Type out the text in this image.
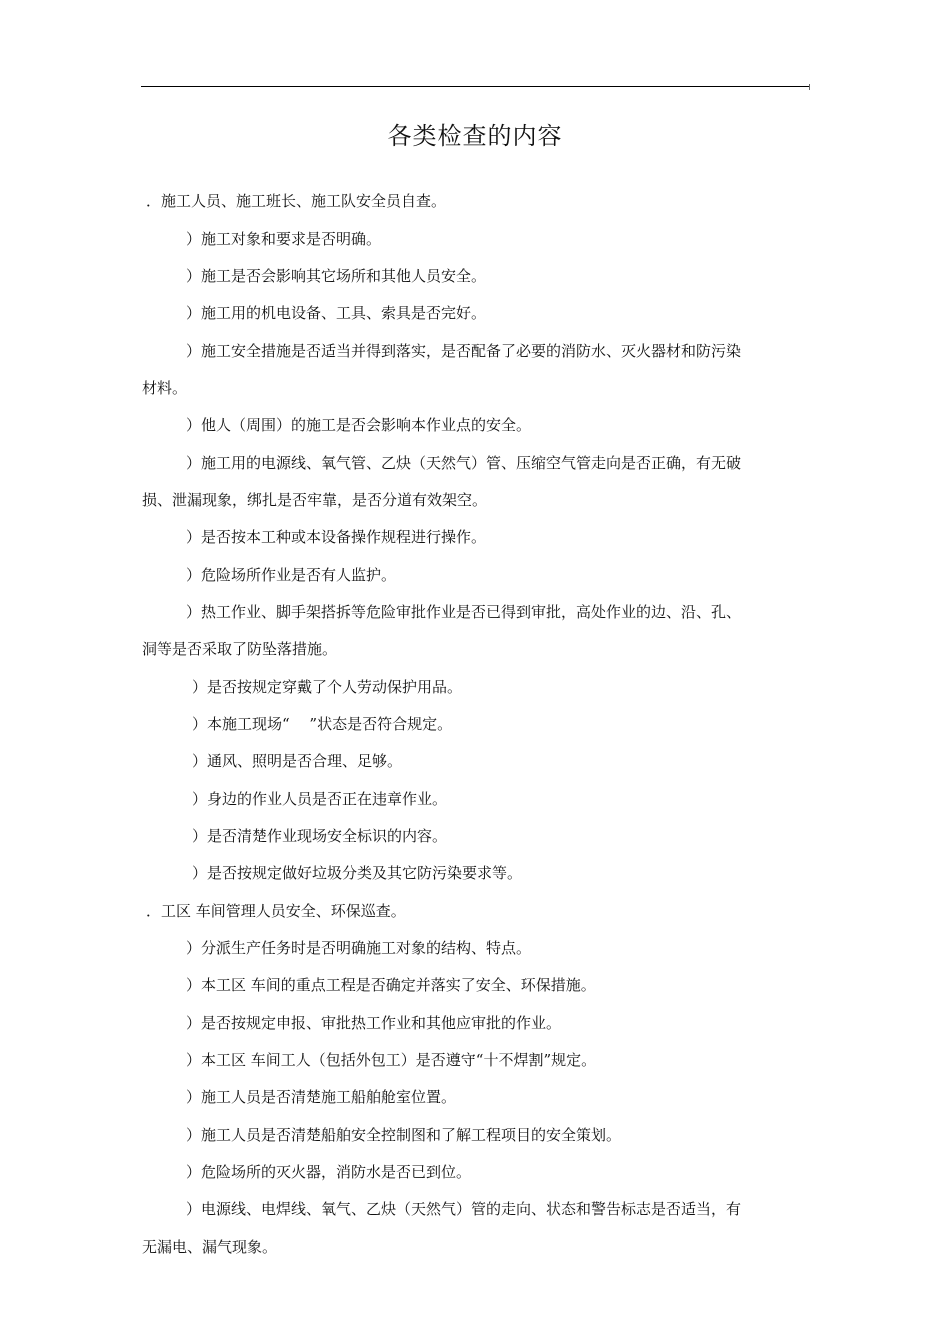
各类检查的内容
．施工人员、施工班长、施工队安全员自查。
）施工对象和要求是否明确。
）施工是否会影响其它场所和其他人员安全。
）施工用的机电设备、工具、索具是否完好。
）施工安全措施是否适当并得到落实，是否配备了必要的消防水、灭火器材和防污染
材料。
）他人（周围）的施工是否会影响本作业点的安全。
）施工用的电源线、氧气管、乙炔（天然气）管、压缩空气管走向是否正确，有无破
损、泄漏现象，绑扎是否牢靠，是否分道有效架空。
）是否按本工种或本设备操作规程进行操作。
）危险场所作业是否有人监护。
）热工作业、脚手架搭拆等危险审批作业是否已得到审批，高处作业的边、沿、孔、
洞等是否采取了防坠落措施。
）是否按规定穿戴了个人劳动保护用品。
）本施工现场“　 ”状态是否符合规定。
）通风、照明是否合理、足够。
）身边的作业人员是否正在违章作业。
）是否清楚作业现场安全标识的内容。
）是否按规定做好垃圾分类及其它防污染要求等。
．工区 车间管理人员安全、环保巡查。
）分派生产任务时是否明确施工对象的结构、特点。
）本工区 车间的重点工程是否确定并落实了安全、环保措施。
）是否按规定申报、审批热工作业和其他应审批的作业。
）本工区 车间工人（包括外包工）是否遵守“十不焊割”规定。
）施工人员是否清楚施工船舶舱室位置。
）施工人员是否清楚船舶安全控制图和了解工程项目的安全策划。
）危险场所的灭火器，消防水是否已到位。
）电源线、电焊线、氧气、乙炔（天然气）管的走向、状态和警告标志是否适当，有
无漏电、漏气现象。
